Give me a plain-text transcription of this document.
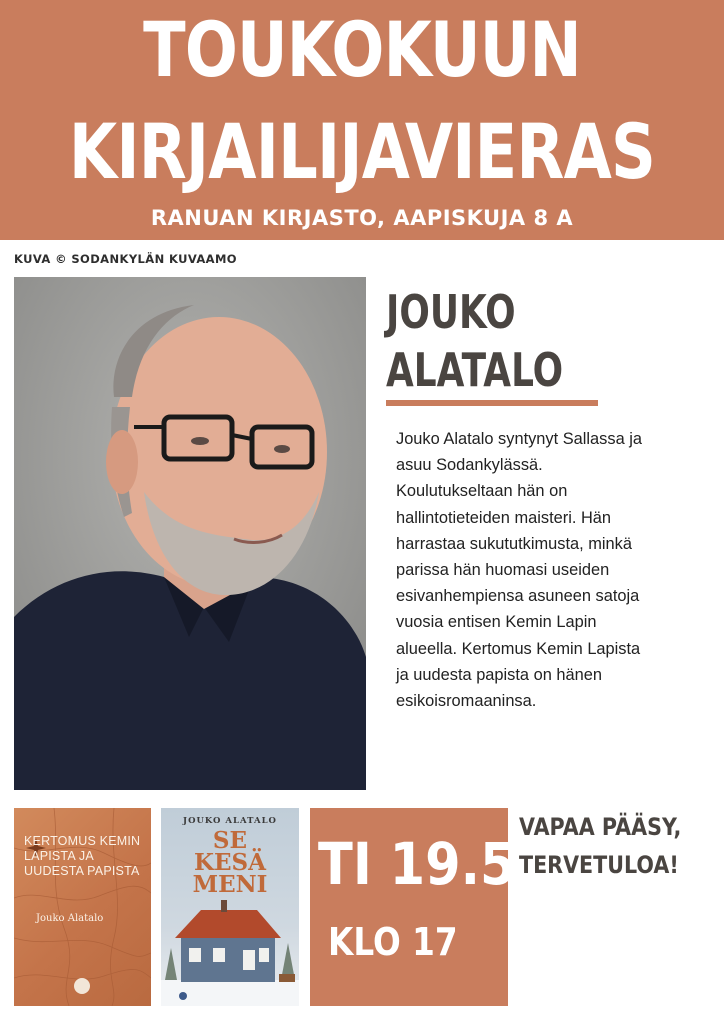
TOUKOKUUN
KIRJAILIJAVIERAS
RANUAN KIRJASTO, AAPISKUJA 8 A
KUVA © SODANKYLÄN KUVAAMO
JOUKO
ALATALO
Jouko Alatalo syntynyt Sallassa ja asuu Sodankylässä. Koulutukseltaan hän on hallintotieteiden maisteri. Hän harrastaa sukututkimusta, minkä parissa hän huomasi useiden esivanhempiensa asuneen satoja vuosia entisen Kemin Lapin alueella. Kertomus Kemin Lapista ja uudesta papista on hänen esikoisromaaninsa.
KERTOMUS KEMIN LAPISTA JA UUDESTA PAPISTA
Jouko Alatalo
JOUKO ALATALO
SE
KESÄ
MENI TI 19.5.
KLO 17
VAPAA PÄÄSY,
TERVETULOA!
